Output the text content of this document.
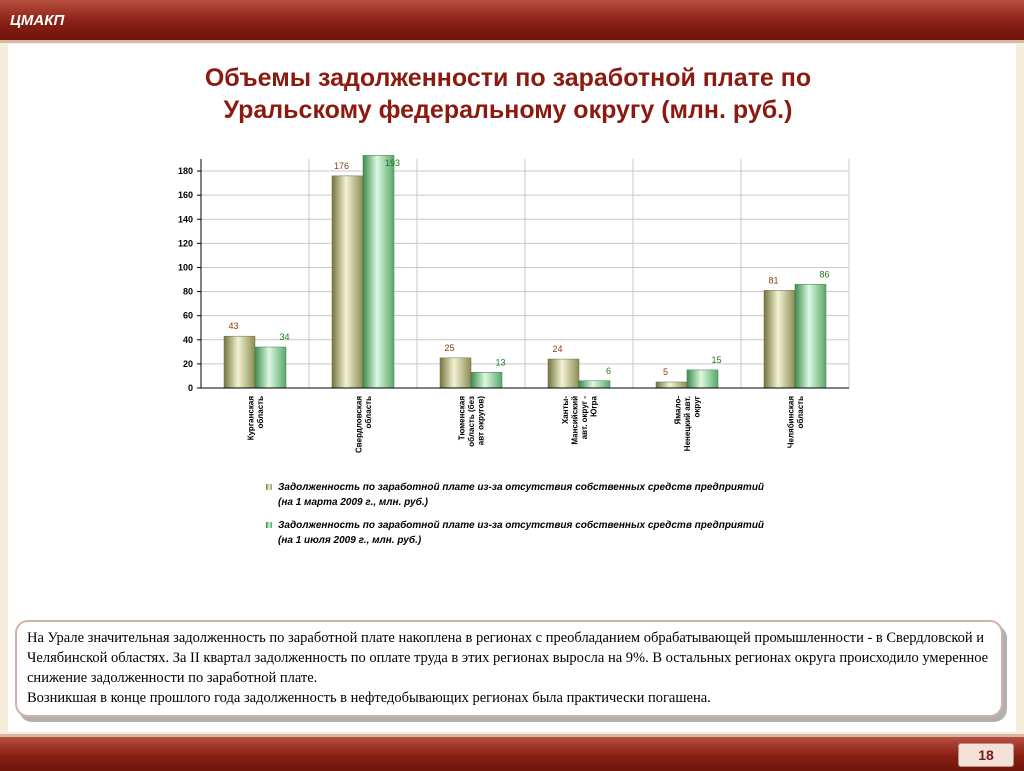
ЦМАКП
Объемы задолженности по заработной плате по
Уральскому федеральному округу (млн. руб.)
43
34
176	193
25
13
24
6	5
15
81
86
0
20
40
60
80
100
120
140
160
180
Курганскаяобласть	Свердловскаяобласть	Тюменскаяобласть (безавт округов)	Ханты-Мансийскийавт. округ -Югра	Ямало-Ненецкий авт.округ	Челябинскаяобласть
Задолженность по заработной плате из-за отсутствия собственных средств предприятий
(на 1 марта 2009 г., млн. руб.)
Задолженность по заработной плате из-за отсутствия собственных средств предприятий
(на 1 июля 2009 г., млн. руб.)

На Урале значительная задолженность по заработной плате накоплена в регионах с преобладанием обрабатывающей промышленности - в Свердловской и Челябинской областях. За II квартал задолженность по оплате труда в этих регионах выросла на 9%. В остальных регионах округа происходило умеренное снижение задолженности по заработной плате.

Возникшая в конце прошлого года задолженность в нефтедобывающих регионах была практически погашена.

18
